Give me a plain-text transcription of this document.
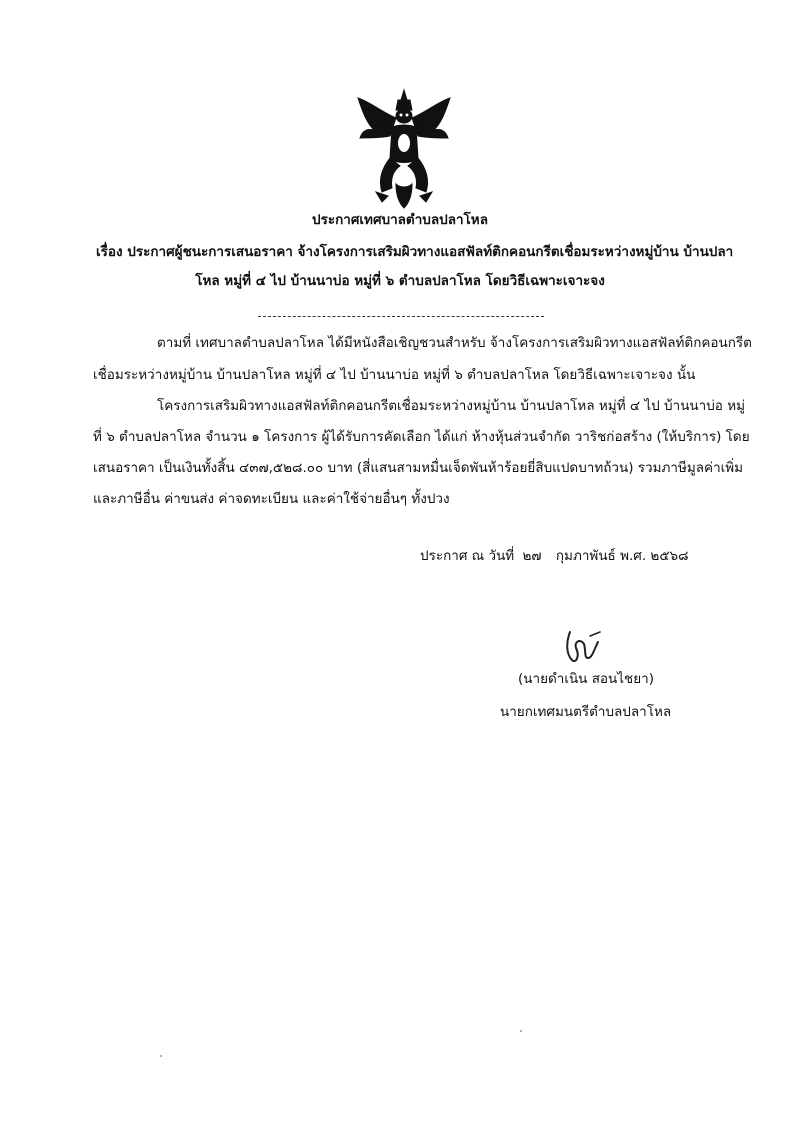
ประกาศเทศบาลตำบลปลาโหล
เรื่อง ประกาศผู้ชนะการเสนอราคา จ้างโครงการเสริมผิวทางแอสฟัลท์ติกคอนกรีตเชื่อมระหว่างหมู่บ้าน บ้านปลา
โหล หมู่ที่ ๔ ไป บ้านนาบ่อ หมู่ที่ ๖ ตำบลปลาโหล โดยวิธีเฉพาะเจาะจง
ตามที่ เทศบาลตำบลปลาโหล ได้มีหนังสือเชิญชวนสำหรับ จ้างโครงการเสริมผิวทางแอสฟัลท์ติกคอนกรีต
เชื่อมระหว่างหมู่บ้าน บ้านปลาโหล หมู่ที่ ๔ ไป บ้านนาบ่อ หมู่ที่ ๖ ตำบลปลาโหล โดยวิธีเฉพาะเจาะจง นั้น
โครงการเสริมผิวทางแอสฟัลท์ติกคอนกรีตเชื่อมระหว่างหมู่บ้าน บ้านปลาโหล หมู่ที่ ๔ ไป บ้านนาบ่อ หมู่
ที่ ๖ ตำบลปลาโหล จำนวน ๑ โครงการ ผู้ได้รับการคัดเลือก ได้แก่ ห้างหุ้นส่วนจำกัด วาริชก่อสร้าง (ให้บริการ) โดย
เสนอราคา เป็นเงินทั้งสิ้น ๔๓๗,๕๒๘.๐๐ บาท (สี่แสนสามหมื่นเจ็ดพันห้าร้อยยี่สิบแปดบาทถ้วน) รวมภาษีมูลค่าเพิ่ม
และภาษีอื่น ค่าขนส่ง ค่าจดทะเบียน และค่าใช้จ่ายอื่นๆ ทั้งปวง
ประกาศ ณ วันที่ ๒๗ กุมภาพันธ์ พ.ศ. ๒๕๖๘
(นายดำเนิน สอนไชยา)
นายกเทศมนตรีตำบลปลาโหล
